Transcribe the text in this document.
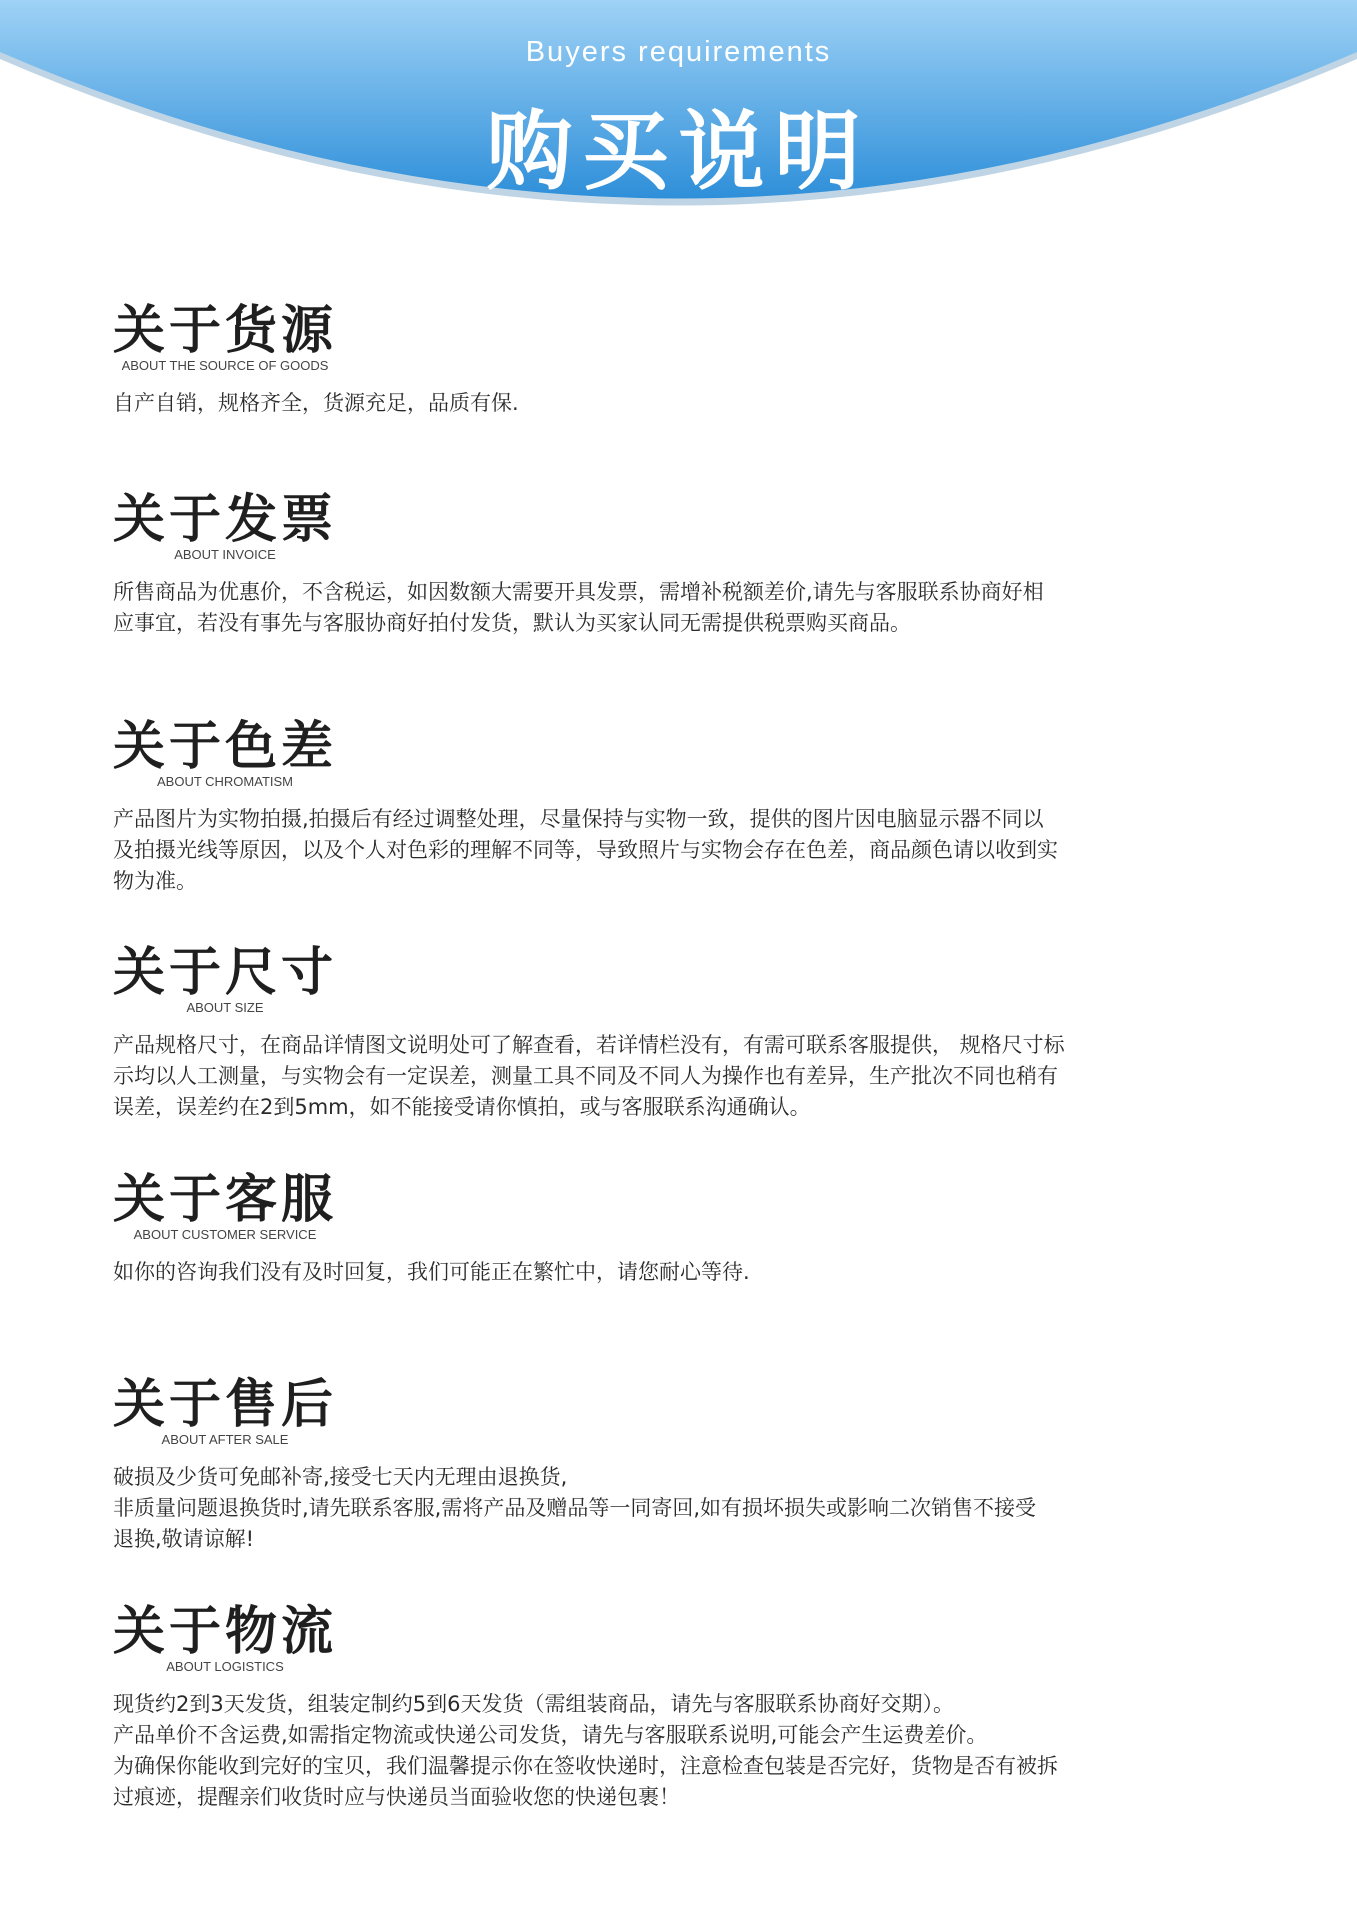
Buyers requirements
购买说明
关于货源
ABOUT THE SOURCE OF GOODS
自产自销，规格齐全，货源充足，品质有保.
关于发票
ABOUT INVOICE
所售商品为优惠价，不含税运，如因数额大需要开具发票，需增补税额差价,请先与客服联系协商好相
应事宜，若没有事先与客服协商好拍付发货，默认为买家认同无需提供税票购买商品。
关于色差
ABOUT CHROMATISM
产品图片为实物拍摄,拍摄后有经过调整处理，尽量保持与实物一致，提供的图片因电脑显示器不同以
及拍摄光线等原因，以及个人对色彩的理解不同等，导致照片与实物会存在色差，商品颜色请以收到实
物为准。
关于尺寸
ABOUT SIZE
产品规格尺寸，在商品详情图文说明处可了解查看，若详情栏没有，有需可联系客服提供， 规格尺寸标
示均以人工测量，与实物会有一定误差，测量工具不同及不同人为操作也有差异，生产批次不同也稍有
误差，误差约在2到5mm，如不能接受请你慎拍，或与客服联系沟通确认。
关于客服
ABOUT CUSTOMER SERVICE
如你的咨询我们没有及时回复，我们可能正在繁忙中，请您耐心等待.
关于售后
ABOUT AFTER SALE
破损及少货可免邮补寄,接受七天内无理由退换货,
非质量问题退换货时,请先联系客服,需将产品及赠品等一同寄回,如有损坏损失或影响二次销售不接受
退换,敬请谅解!
关于物流
ABOUT LOGISTICS
现货约2到3天发货，组装定制约5到6天发货（需组装商品，请先与客服联系协商好交期）。
产品单价不含运费,如需指定物流或快递公司发货，请先与客服联系说明,可能会产生运费差价。
为确保你能收到完好的宝贝，我们温馨提示你在签收快递时，注意检查包装是否完好，货物是否有被拆
过痕迹，提醒亲们收货时应与快递员当面验收您的快递包裹！
